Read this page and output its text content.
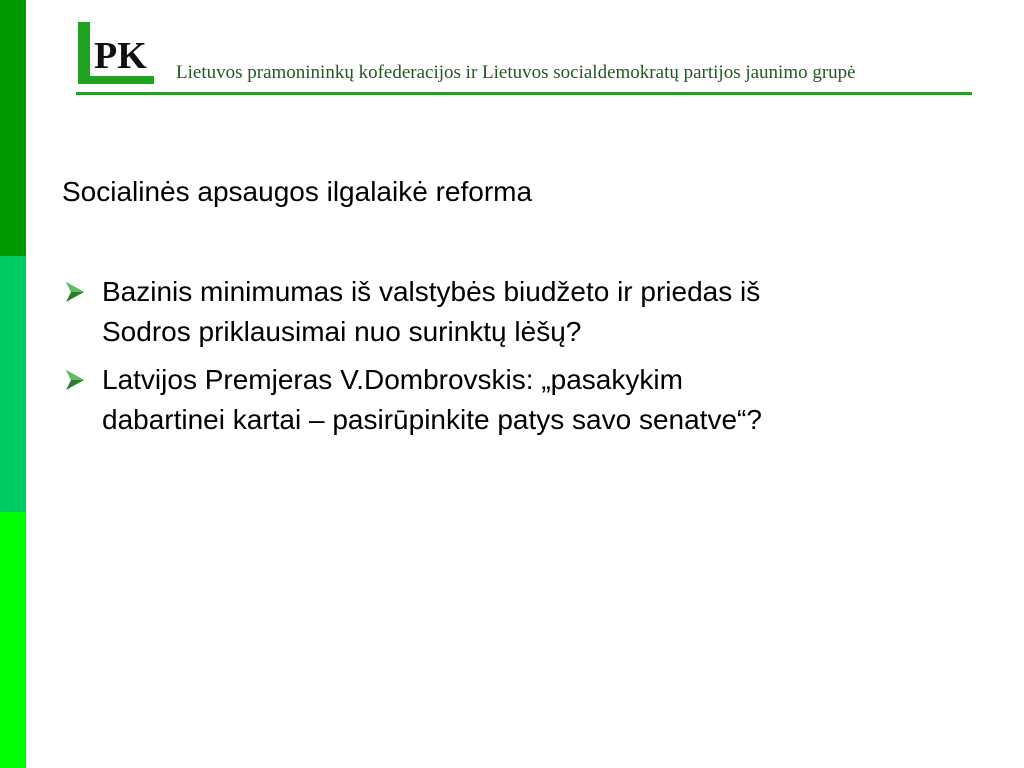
PK Lietuvos pramonininkų kofederacijos ir Lietuvos socialdemokratų partijos jaunimo grupė
Socialinės apsaugos ilgalaikė reforma
Bazinis minimumas iš valstybės biudžeto ir priedas iš
Sodros priklausimai nuo surinktų lėšų?
Latvijos Premjeras V.Dombrovskis: „pasakykim
dabartinei kartai – pasirūpinkite patys savo senatve“?
